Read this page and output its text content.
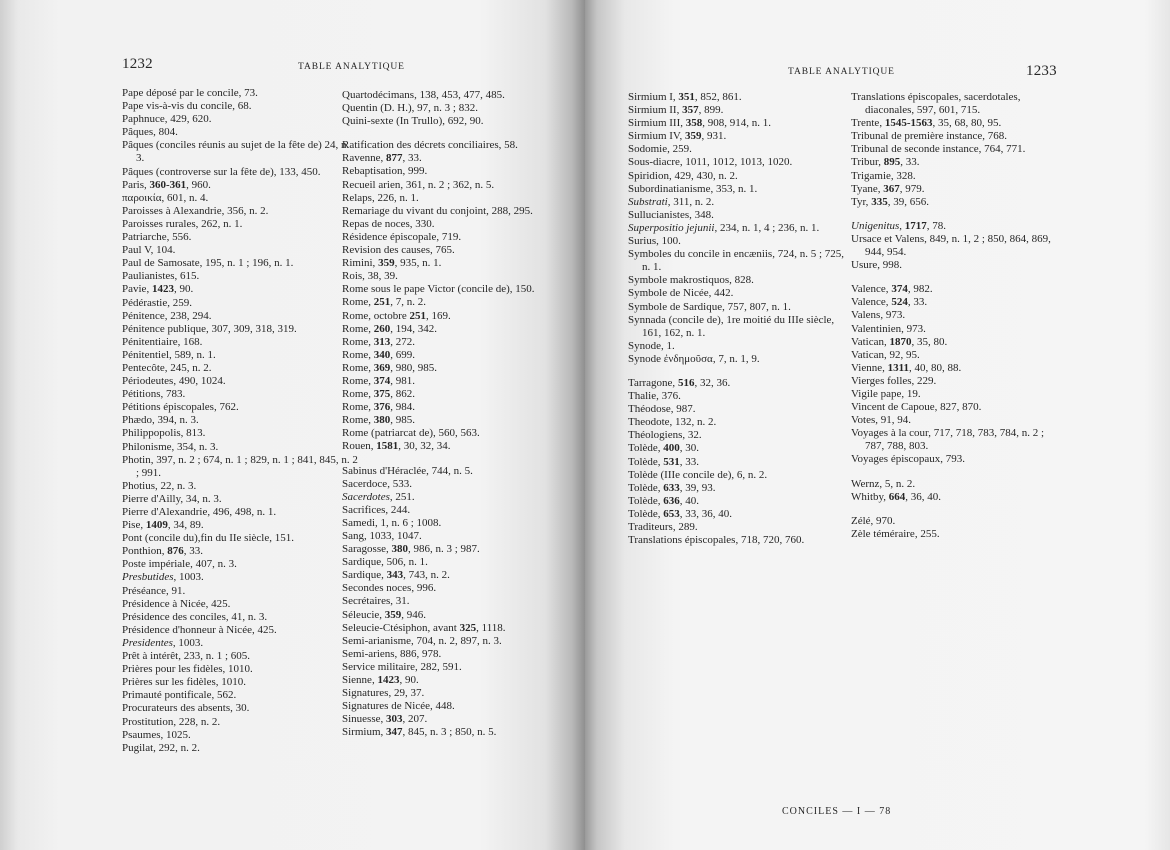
1232	TABLE ANALYTIQUE
Pape déposé par le concile, 73.
Pape vis-à-vis du concile, 68.
Paphnuce, 429, 620.
Pâques, 804.
Pâques (conciles réunis au sujet de la fête de) 24, n. 3.
Pâques (controverse sur la fête de), 133, 450.
Paris, 360-361, 960.
παροικία, 601, n. 4.
Paroisses à Alexandrie, 356, n. 2.
Paroisses rurales, 262, n. 1.
Patriarche, 556.
Paul V, 104.
Paul de Samosate, 195, n. 1 ; 196, n. 1.
Paulianistes, 615.
Pavie, 1423, 90.
Pédérastie, 259.
Pénitence, 238, 294.
Pénitence publique, 307, 309, 318, 319.
Pénitentiaire, 168.
Pénitentiel, 589, n. 1.
Pentecôte, 245, n. 2.
Périodeutes, 490, 1024.
Pétitions, 783.
Pétitions épiscopales, 762.
Phædo, 394, n. 3.
Philippopolis, 813.
Philonisme, 354, n. 3.
Photin, 397, n. 2 ; 674, n. 1 ; 829, n. 1 ; 841, 845, n. 2 ; 991.
Photius, 22, n. 3.
Pierre d'Ailly, 34, n. 3.
Pierre d'Alexandrie, 496, 498, n. 1.
Pise, 1409, 34, 89.
Pont (concile du),fin du IIe siècle, 151.
Ponthion, 876, 33.
Poste impériale, 407, n. 3.
Presbutides, 1003.
Préséance, 91.
Présidence à Nicée, 425.
Présidence des conciles, 41, n. 3.
Présidence d'honneur à Nicée, 425.
Presidentes, 1003.
Prêt à intérêt, 233, n. 1 ; 605.
Prières pour les fidèles, 1010.
Prières sur les fidèles, 1010.
Primauté pontificale, 562.
Procurateurs des absents, 30.
Prostitution, 228, n. 2.
Psaumes, 1025.
Pugilat, 292, n. 2.
Quartodécimans, 138, 453, 477, 485.
Quentin (D. H.), 97, n. 3 ; 832.
Quini-sexte (In Trullo), 692, 90.
Ratification des décrets conciliaires, 58.
Ravenne, 877, 33.
Rebaptisation, 999.
Recueil arien, 361, n. 2 ; 362, n. 5.
Relaps, 226, n. 1.
Remariage du vivant du conjoint, 288, 295.
Repas de noces, 330.
Résidence épiscopale, 719.
Revision des causes, 765.
Rimini, 359, 935, n. 1.
Rois, 38, 39.
Rome sous le pape Victor (concile de), 150.
Rome, 251, 7, n. 2.
Rome, octobre 251, 169.
Rome, 260, 194, 342.
Rome, 313, 272.
Rome, 340, 699.
Rome, 369, 980, 985.
Rome, 374, 981.
Rome, 375, 862.
Rome, 376, 984.
Rome, 380, 985.
Rome (patriarcat de), 560, 563.
Rouen, 1581, 30, 32, 34.
Sabinus d'Héraclée, 744, n. 5.
Sacerdoce, 533.
Sacerdotes, 251.
Sacrifices, 244.
Samedi, 1, n. 6 ; 1008.
Sang, 1033, 1047.
Saragosse, 380, 986, n. 3 ; 987.
Sardique, 506, n. 1.
Sardique, 343, 743, n. 2.
Secondes noces, 996.
Secrétaires, 31.
Séleucie, 359, 946.
Seleucie-Ctésiphon, avant 325, 1118.
Semi-arianisme, 704, n. 2, 897, n. 3.
Semi-ariens, 886, 978.
Service militaire, 282, 591.
Sienne, 1423, 90.
Signatures, 29, 37.
Signatures de Nicée, 448.
Sinuesse, 303, 207.
Sirmium, 347, 845, n. 3 ; 850, n. 5.
TABLE ANALYTIQUE	1233
Sirmium I, 351, 852, 861.
Sirmium II, 357, 899.
Sirmium III, 358, 908, 914, n. 1.
Sirmium IV, 359, 931.
Sodomie, 259.
Sous-diacre, 1011, 1012, 1013, 1020.
Spiridion, 429, 430, n. 2.
Subordinatianisme, 353, n. 1.
Substrati, 311, n. 2.
Sullucianistes, 348.
Superpositio jejunii, 234, n. 1, 4 ; 236, n. 1.
Surius, 100.
Symboles du concile in encæniis, 724, n. 5 ; 725, n. 1.
Symbole makrostiquos, 828.
Symbole de Nicée, 442.
Symbole de Sardique, 757, 807, n. 1.
Synnada (concile de), 1re moitié du IIIe siècle, 161, 162, n. 1.
Synode, 1.
Synode ἐνδημοῦσα, 7, n. 1, 9.
Tarragone, 516, 32, 36.
Thalie, 376.
Théodose, 987.
Theodote, 132, n. 2.
Théologiens, 32.
Tolède, 400, 30.
Tolède, 531, 33.
Tolède (IIIe concile de), 6, n. 2.
Tolède, 633, 39, 93.
Tolède, 636, 40.
Tolède, 653, 33, 36, 40.
Traditeurs, 289.
Translations épiscopales, 718, 720, 760.
Translations épiscopales, sacerdotales, diaconales, 597, 601, 715.
Trente, 1545-1563, 35, 68, 80, 95.
Tribunal de première instance, 768.
Tribunal de seconde instance, 764, 771.
Tribur, 895, 33.
Trigamie, 328.
Tyane, 367, 979.
Tyr, 335, 39, 656.
Unigenitus, 1717, 78.
Ursace et Valens, 849, n. 1, 2 ; 850, 864, 869, 944, 954.
Usure, 998.
Valence, 374, 982.
Valence, 524, 33.
Valens, 973.
Valentinien, 973.
Vatican, 1870, 35, 80.
Vatican, 92, 95.
Vienne, 1311, 40, 80, 88.
Vierges folles, 229.
Vigile pape, 19.
Vincent de Capoue, 827, 870.
Votes, 91, 94.
Voyages à la cour, 717, 718, 783, 784, n. 2 ; 787, 788, 803.
Voyages épiscopaux, 793.
Wernz, 5, n. 2.
Whitby, 664, 36, 40.
Zélé, 970.
Zèle téméraire, 255.
CONCILES — I — 78
